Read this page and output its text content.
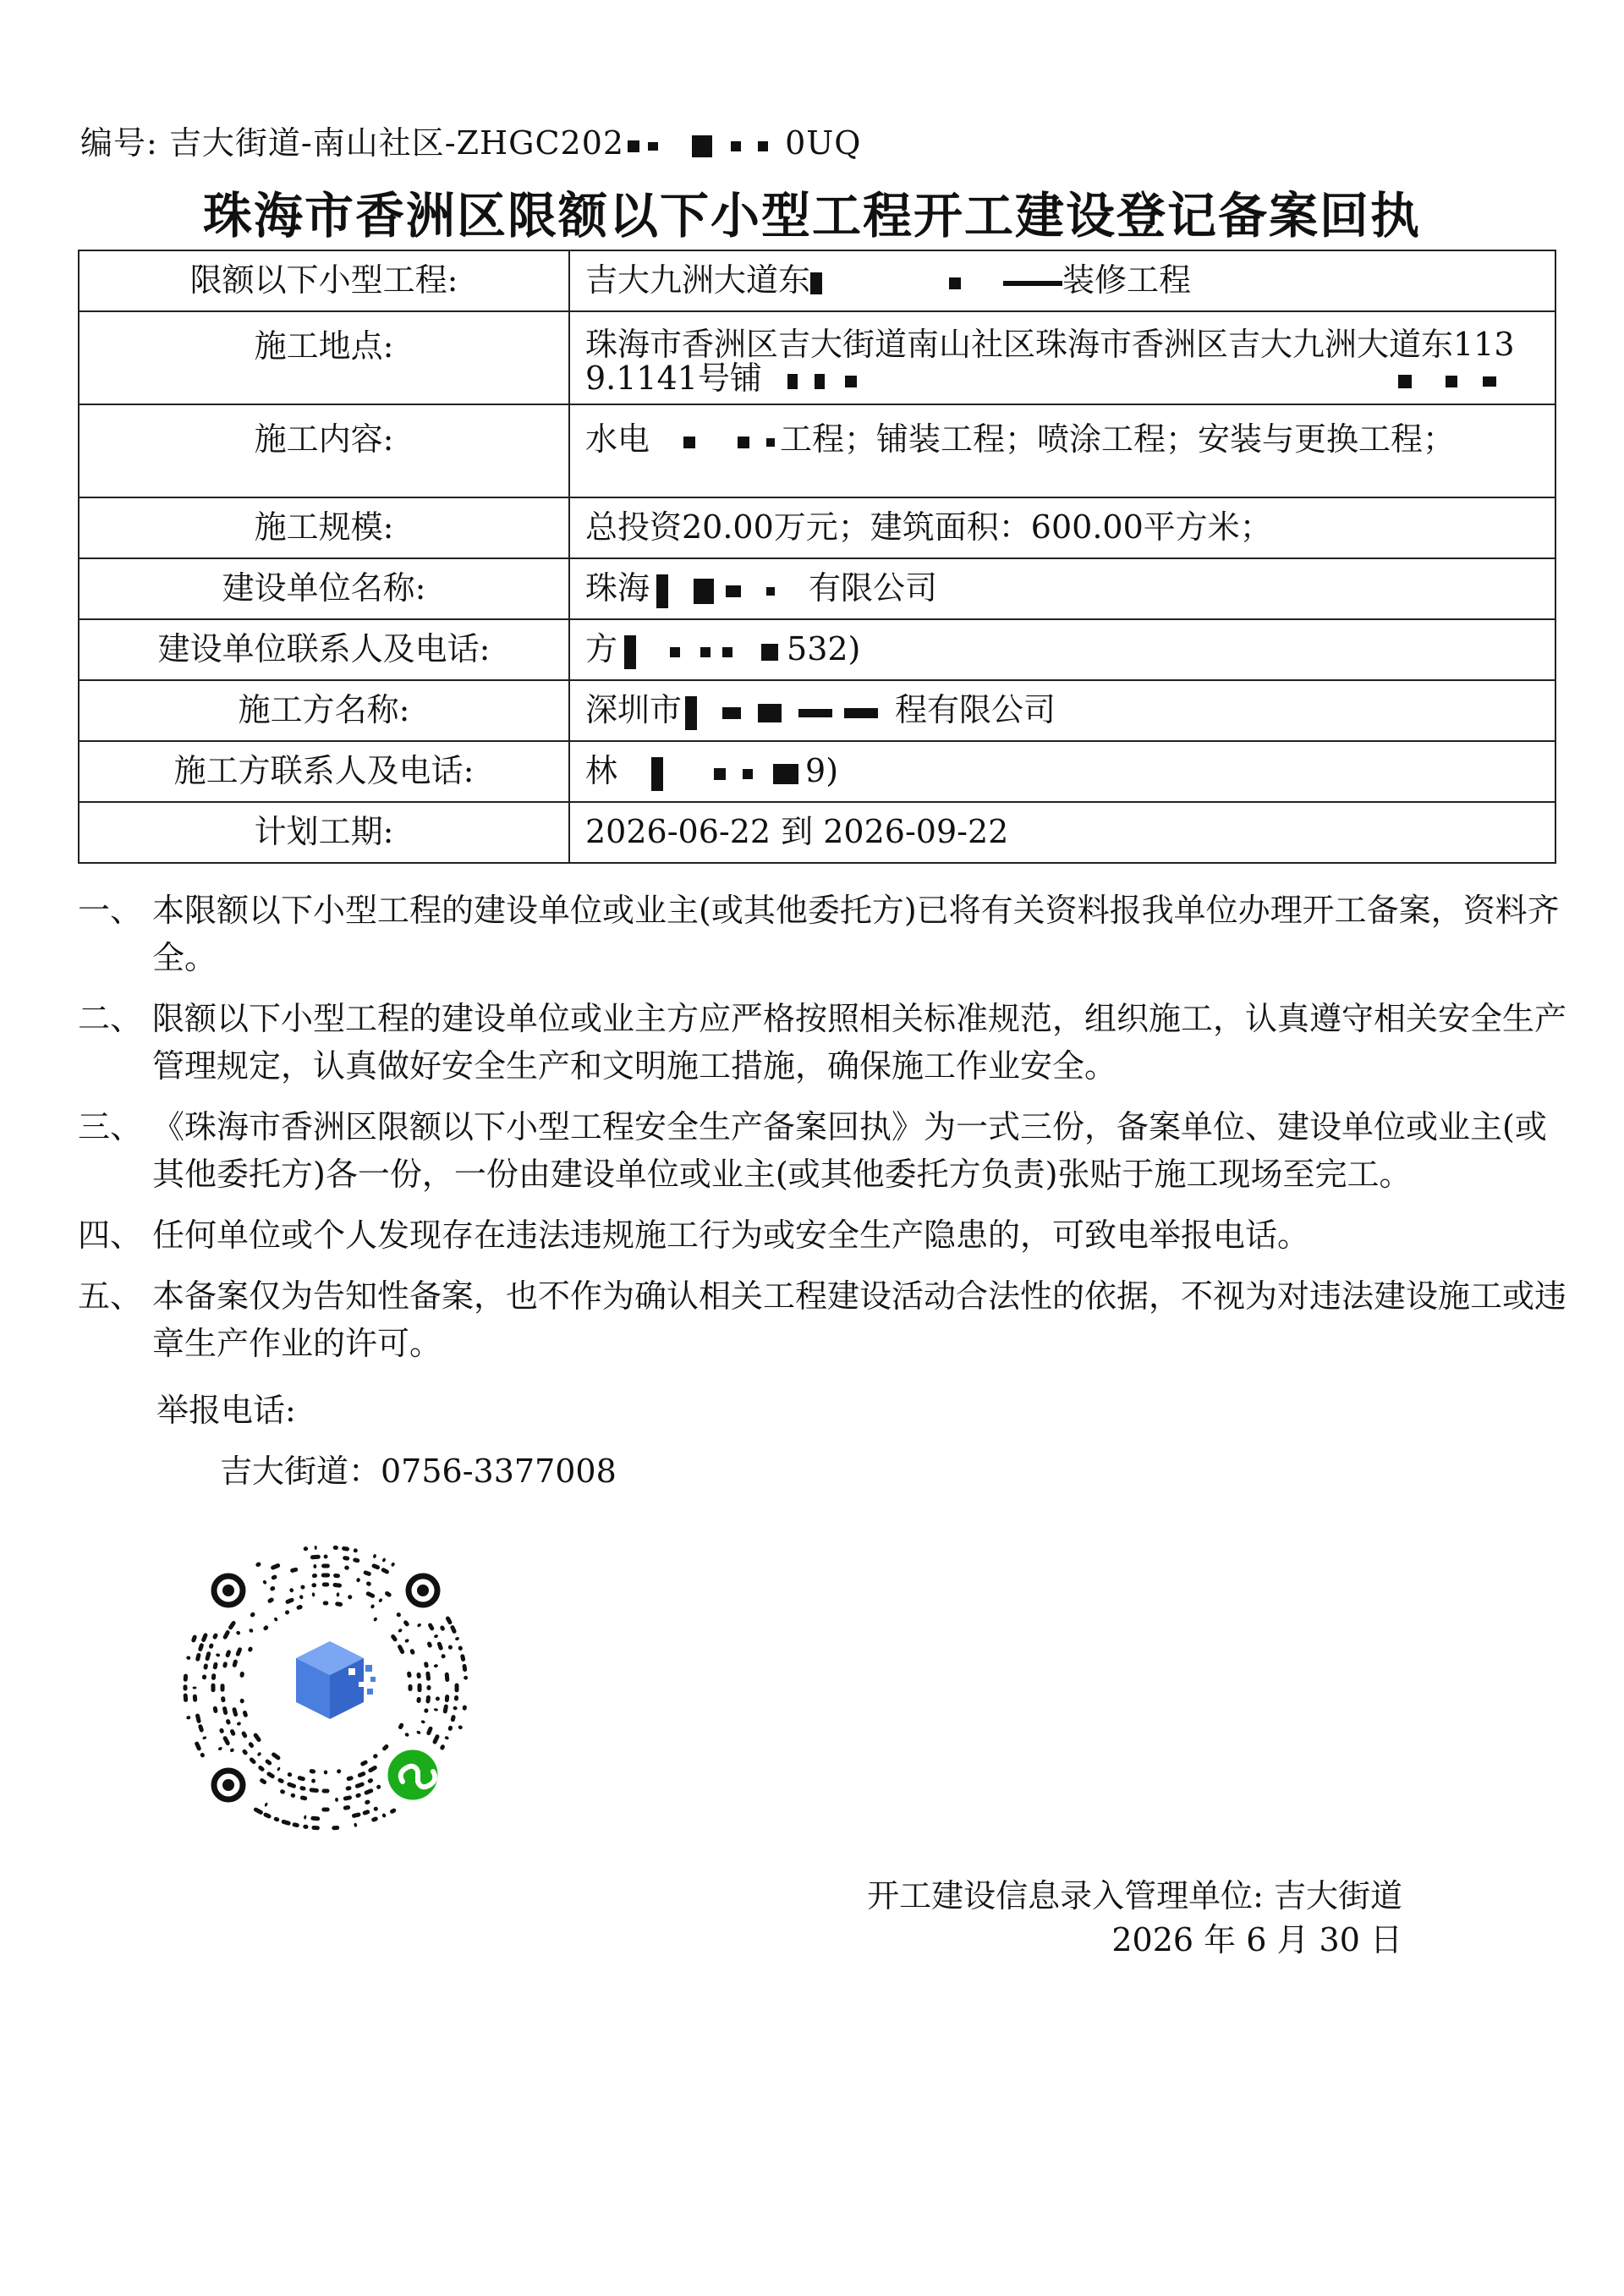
编号: 吉大街道-南山社区-ZHGC202	0UQ
珠海市香洲区限额以下小型工程开工建设登记备案回执
限额以下小型工程:	吉大九洲大道东 装修工程
施工地点:	珠海市香洲区吉大街道南山社区珠海市香洲区吉大九洲大道东113
9.1141号铺
施工内容:	水电 工程；铺装工程；喷涂工程；安装与更换工程；
施工规模:	总投资20.00万元；建筑面积：600.00平方米；
建设单位名称:	珠海 有限公司
建设单位联系人及电话:	方 532)
施工方名称:	深圳市 程有限公司
施工方联系人及电话:	林 9)
计划工期:	2026-06-22 到 2026-09-22
一、 本限额以下小型工程的建设单位或业主(或其他委托方)已将有关资料报我单位办理开工备案，资料齐全。
二、 限额以下小型工程的建设单位或业主方应严格按照相关标准规范，组织施工，认真遵守相关安全生产管理规定，认真做好安全生产和文明施工措施，确保施工作业安全。
三、 《珠海市香洲区限额以下小型工程安全生产备案回执》为一式三份，备案单位、建设单位或业主(或其他委托方)各一份，一份由建设单位或业主(或其他委托方负责)张贴于施工现场至完工。
四、 任何单位或个人发现存在违法违规施工行为或安全生产隐患的，可致电举报电话。
五、 本备案仅为告知性备案，也不作为确认相关工程建设活动合法性的依据，不视为对违法建设施工或违章生产作业的许可。
举报电话:
吉大街道：0756-3377008
开工建设信息录入管理单位: 吉大街道
2026 年 6 月 30 日
